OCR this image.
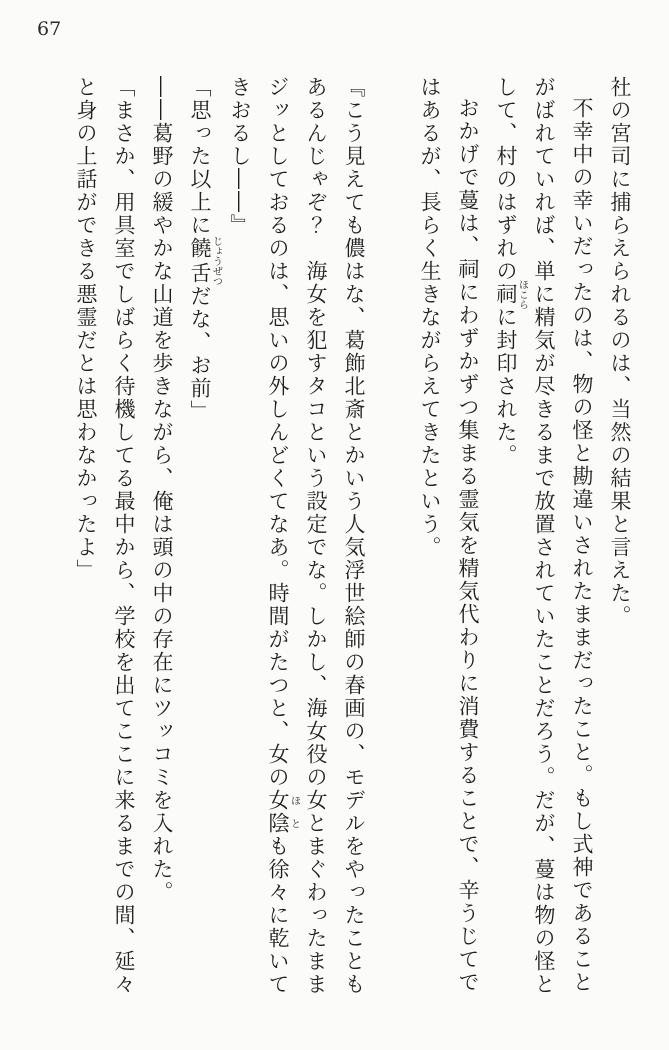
67

社の宮司に捕らえられるのは、当然の結果と言えた。

不幸中の幸いだったのは、物の怪と勘違いされたままだったこと。もし式神であることがばれていれば、単に精気が尽きるまで放置されていたことだろう。だが、蔓は物の怪として、村のはずれの祠ほこらに封印された。

おかげで蔓は、祠にわずかずつ集まる霊気を精気代わりに消費することで、辛うじてではあるが、長らく生きながらえてきたという。

『こう見えても儂はな、葛飾北斎とかいう人気浮世絵師の春画の、モデルをやったこともあるんじゃぞ？　海女を犯すタコという設定でな。しかし、海女役の女とまぐわったままジッとしておるのは、思いの外しんどくてなあ。時間がたつと、女の女陰ほとも徐々に乾いてきおるし――』

「思った以上に饒舌じょうぜつだな、お前」

――葛野の緩やかな山道を歩きながら、俺は頭の中の存在にツッコミを入れた。

「まさか、用具室でしばらく待機してる最中から、学校を出てここに来るまでの間、延々と身の上話ができる悪霊だとは思わなかったよ」
